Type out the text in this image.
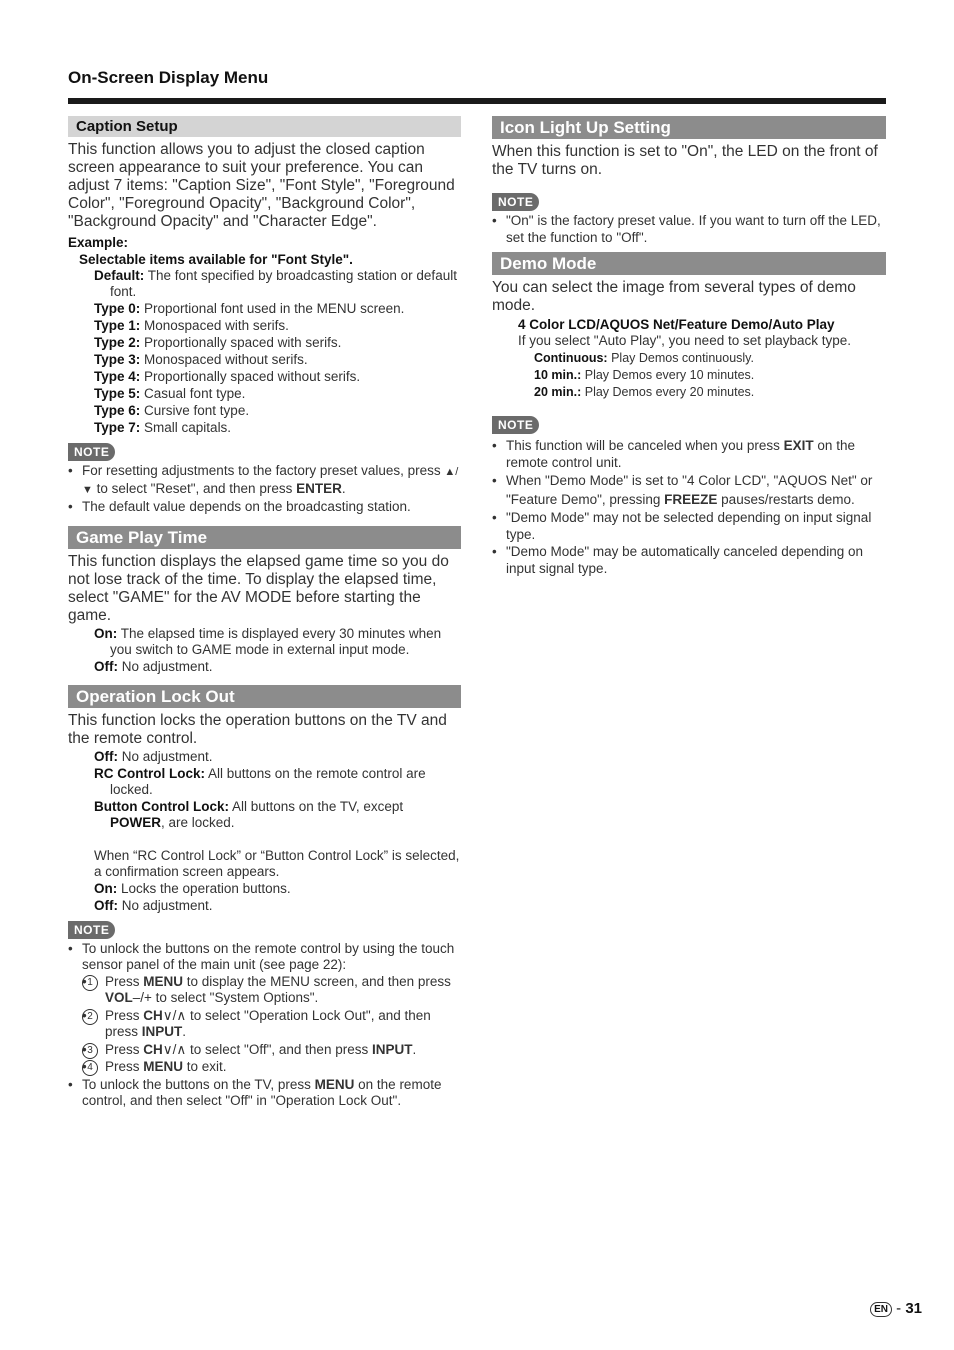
On-Screen Display Menu
Caption Setup

This function allows you to adjust the closed caption screen appearance to suit your preference. You can adjust 7 items: "Caption Size", "Font Style", "Foreground Color", "Foreground Opacity", "Background Color", "Background Opacity" and "Character Edge".

Example:
Selectable items available for "Font Style".
Default: The font specified by broadcasting station or default font.
Type 0: Proportional font used in the MENU screen.
Type 1: Monospaced with serifs.
Type 2: Proportionally spaced with serifs.
Type 3: Monospaced without serifs.
Type 4: Proportionally spaced without serifs.
Type 5: Casual font type.
Type 6: Cursive font type.
Type 7: Small capitals.
NOTE
• For resetting adjustments to the factory preset values, press ▲/▼ to select "Reset", and then press ENTER.
• The default value depends on the broadcasting station.
Game Play Time

This function displays the elapsed game time so you do not lose track of the time. To display the elapsed time, select "GAME" for the AV MODE before starting the game.

On: The elapsed time is displayed every 30 minutes when you switch to GAME mode in external input mode.
Off: No adjustment.
Operation Lock Out

This function locks the operation buttons on the TV and the remote control.

Off: No adjustment.
RC Control Lock: All buttons on the remote control are locked.
Button Control Lock: All buttons on the TV, except POWER, are locked.
When “RC Control Lock” or “Button Control Lock” is selected, a confirmation screen appears.
On: Locks the operation buttons.
Off: No adjustment.
NOTE
• To unlock the buttons on the remote control by using the touch sensor panel of the main unit (see page 22):
• 1 Press MENU to display the MENU screen, and then press VOL–/+ to select "System Options".
• 2 Press CH∨/∧ to select "Operation Lock Out", and then press INPUT.
• 3 Press CH∨/∧ to select "Off", and then press INPUT.
• 4 Press MENU to exit.
• To unlock the buttons on the TV, press MENU on the remote control, and then select "Off" in "Operation Lock Out".
Icon Light Up Setting

When this function is set to "On", the LED on the front of the TV turns on.

NOTE
• "On" is the factory preset value. If you want to turn off the LED, set the function to "Off".
Demo Mode

You can select the image from several types of demo mode.

4 Color LCD/AQUOS Net/Feature Demo/Auto Play
If you select "Auto Play", you need to set playback type.
Continuous: Play Demos continuously.
10 min.: Play Demos every 10 minutes.
20 min.: Play Demos every 20 minutes.
NOTE
• This function will be canceled when you press EXIT on the remote control unit.
• When "Demo Mode" is set to "4 Color LCD", "AQUOS Net" or "Feature Demo", pressing FREEZE pauses/restarts demo.
• "Demo Mode" may not be selected depending on input signal type.
• "Demo Mode" may be automatically canceled depending on input signal type.
EN - 31
